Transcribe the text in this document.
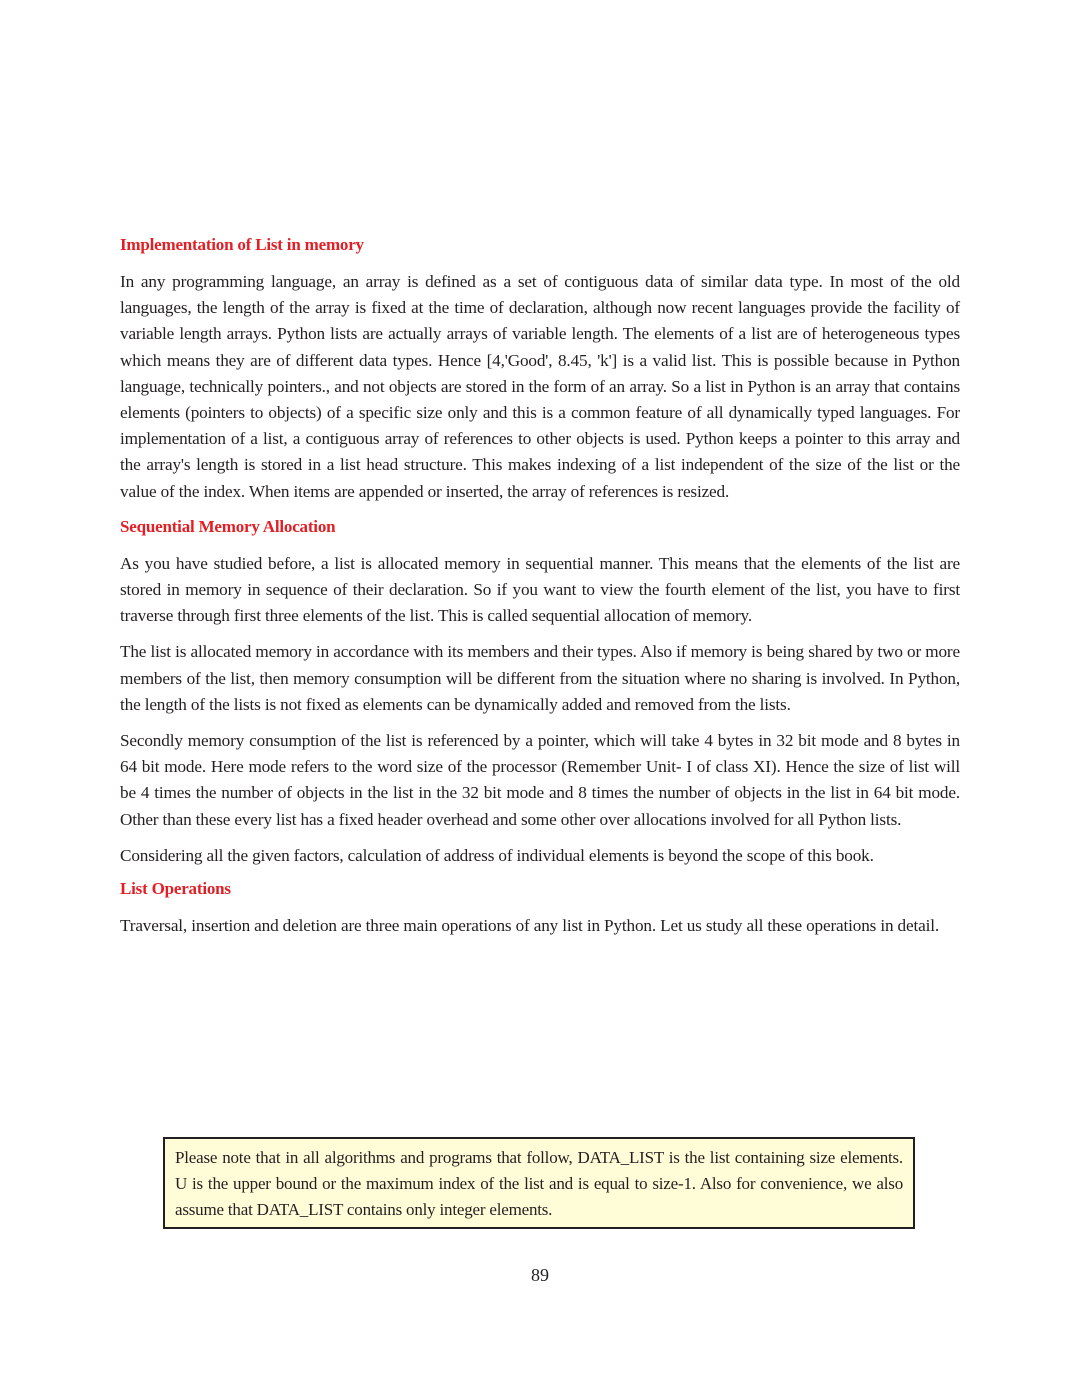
Implementation of List in memory

In any programming language, an array is defined as a set of contiguous data of similar data type. In most of the old languages, the length of the array is fixed at the time of declaration, although now recent languages provide the facility of variable length arrays. Python lists are actually arrays of variable length. The elements of a list are of heterogeneous types which means they are of different data types. Hence [4,'Good', 8.45, 'k'] is a valid list. This is possible because in Python language, technically pointers., and not objects are stored in the form of an array. So a list in Python is an array that contains elements (pointers to objects) of a specific size only and this is a common feature of all dynamically typed languages. For implementation of a list, a contiguous array of references to other objects is used. Python keeps a pointer to this array and the array's length is stored in a list head structure. This makes indexing of a list independent of the size of the list or the value of the index. When items are appended or inserted, the array of references is resized.

Sequential Memory Allocation

As you have studied before, a list is allocated memory in sequential manner. This means that the elements of the list are stored in memory in sequence of their declaration. So if you want to view the fourth element of the list, you have to first traverse through first three elements of the list. This is called sequential allocation of memory.

The list is allocated memory in accordance with its members and their types. Also if memory is being shared by two or more members of the list, then memory consumption will be different from the situation where no sharing is involved. In Python, the length of the lists is not fixed as elements can be dynamically added and removed from the lists.

Secondly memory consumption of the list is referenced by a pointer, which will take 4 bytes in 32 bit mode and 8 bytes in 64 bit mode. Here mode refers to the word size of the processor (Remember Unit- I of class XI). Hence the size of list will be 4 times the number of objects in the list in the 32 bit mode and 8 times the number of objects in the list in 64 bit mode. Other than these every list has a fixed header overhead and some other over allocations involved for all Python lists.

Considering all the given factors, calculation of address of individual elements is beyond the scope of this book.

List Operations

Traversal, insertion and deletion are three main operations of any list in Python. Let us study all these operations in detail.

Please note that in all algorithms and programs that follow, DATA_LIST is the list containing size elements. U is the upper bound or the maximum index of the list and is equal to size-1. Also for convenience, we also assume that DATA_LIST contains only integer elements.

89
